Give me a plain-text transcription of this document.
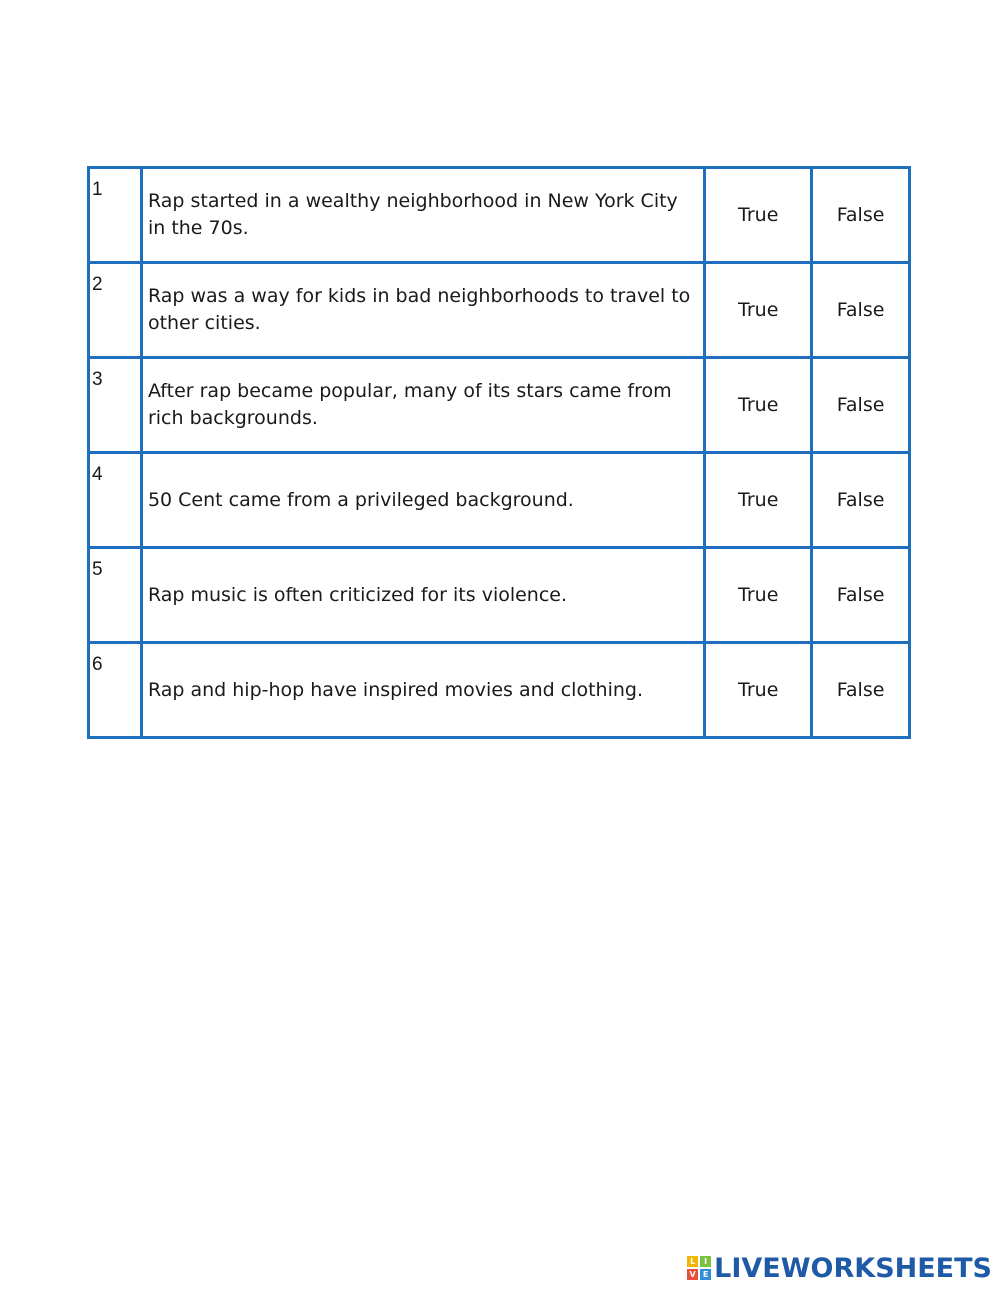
1	Rap started in a wealthy neighborhood in New York City in the 70s.	True	False

2	Rap was a way for kids in bad neighborhoods to travel to other cities.	True	False

3	After rap became popular, many of its stars came from rich backgrounds.	True	False

4	50 Cent came from a privileged background.	True	False

5	Rap music is often criticized for its violence.	True	False

6	Rap and hip-hop have inspired movies and clothing.	True	False
L	I
V E LIVEWORKSHEETS
